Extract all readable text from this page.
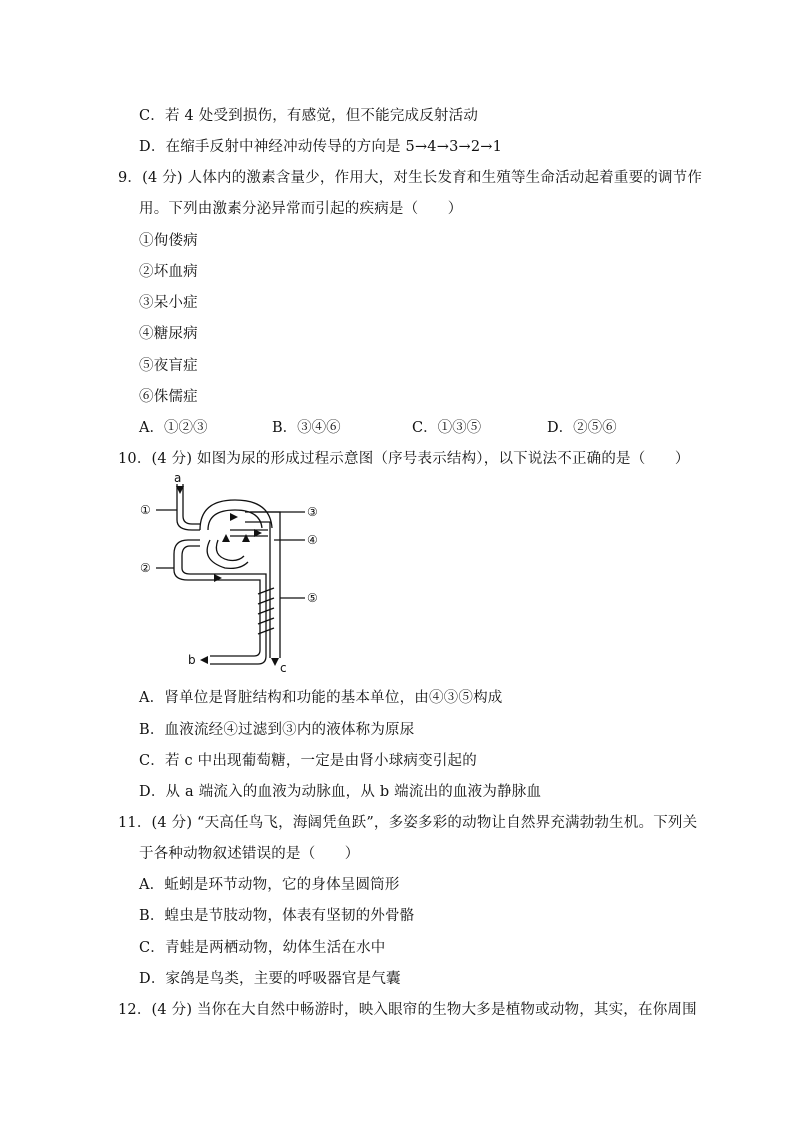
C．若 4 处受到损伤，有感觉，但不能完成反射活动
D．在缩手反射中神经冲动传导的方向是 5→4→3→2→1
9．(4 分) 人体内的激素含量少，作用大，对生长发育和生殖等生命活动起着重要的调节作
用。下列由激素分泌异常而引起的疾病是（　　）
①佝偻病
②坏血病
③呆小症
④糖尿病
⑤夜盲症
⑥侏儒症
A．①②③	B．③④⑥	C．①③⑤	D．②⑤⑥
10．(4 分) 如图为尿的形成过程示意图（序号表示结构），以下说法不正确的是（　　）
①
②
③
④
⑤
a
b
c
A．肾单位是肾脏结构和功能的基本单位，由④③⑤构成
B．血液流经④过滤到③内的液体称为原尿
C．若 c 中出现葡萄糖，一定是由肾小球病变引起的
D．从 a 端流入的血液为动脉血，从 b 端流出的血液为静脉血
11．(4 分) “天高任鸟飞，海阔凭鱼跃”，多姿多彩的动物让自然界充满勃勃生机。下列关
于各种动物叙述错误的是（　　）
A．蚯蚓是环节动物，它的身体呈圆筒形
B．蝗虫是节肢动物，体表有坚韧的外骨骼
C．青蛙是两栖动物，幼体生活在水中
D．家鸽是鸟类，主要的呼吸器官是气囊
12．(4 分) 当你在大自然中畅游时，映入眼帘的生物大多是植物或动物，其实，在你周围
